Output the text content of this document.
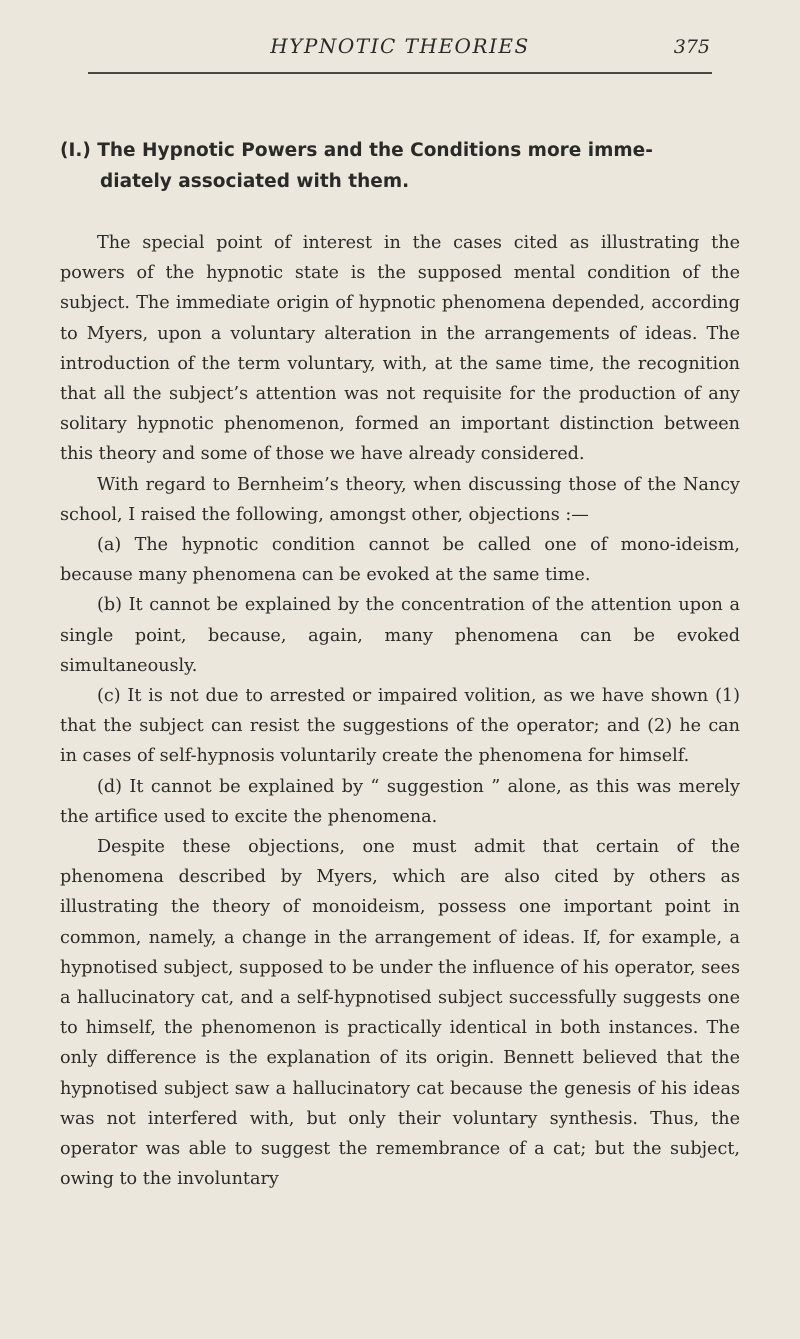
HYPNOTIC THEORIES	375
(I.) The Hypnotic Powers and the Conditions more imme-
diately associated with them.

The special point of interest in the cases cited as illustrating the powers of the hypnotic state is the supposed mental condition of the subject. The immediate origin of hypnotic phenomena depended, according to Myers, upon a voluntary alteration in the arrangements of ideas. The introduction of the term voluntary, with, at the same time, the recognition that all the subject’s attention was not requisite for the production of any solitary hypnotic phenomenon, formed an important distinction between this theory and some of those we have already considered.

With regard to Bernheim’s theory, when discussing those of the Nancy school, I raised the following, amongst other, objections :—

(a) The hypnotic condition cannot be called one of mono-ideism, because many phenomena can be evoked at the same time.

(b) It cannot be explained by the concentration of the attention upon a single point, because, again, many phenomena can be evoked simultaneously.

(c) It is not due to arrested or impaired volition, as we have shown (1) that the subject can resist the suggestions of the operator; and (2) he can in cases of self-hypnosis voluntarily create the phenomena for himself.

(d) It cannot be explained by “ suggestion ” alone, as this was merely the artifice used to excite the phenomena.

Despite these objections, one must admit that certain of the phenomena described by Myers, which are also cited by others as illustrating the theory of monoideism, possess one important point in common, namely, a change in the arrangement of ideas. If, for example, a hypnotised subject, supposed to be under the influence of his operator, sees a hallucinatory cat, and a self-hypnotised subject successfully suggests one to himself, the phenomenon is practically identical in both instances. The only difference is the explanation of its origin. Bennett believed that the hypnotised subject saw a hallucinatory cat because the genesis of his ideas was not interfered with, but only their voluntary synthesis. Thus, the operator was able to suggest the remembrance of a cat; but the subject, owing to the involuntary
